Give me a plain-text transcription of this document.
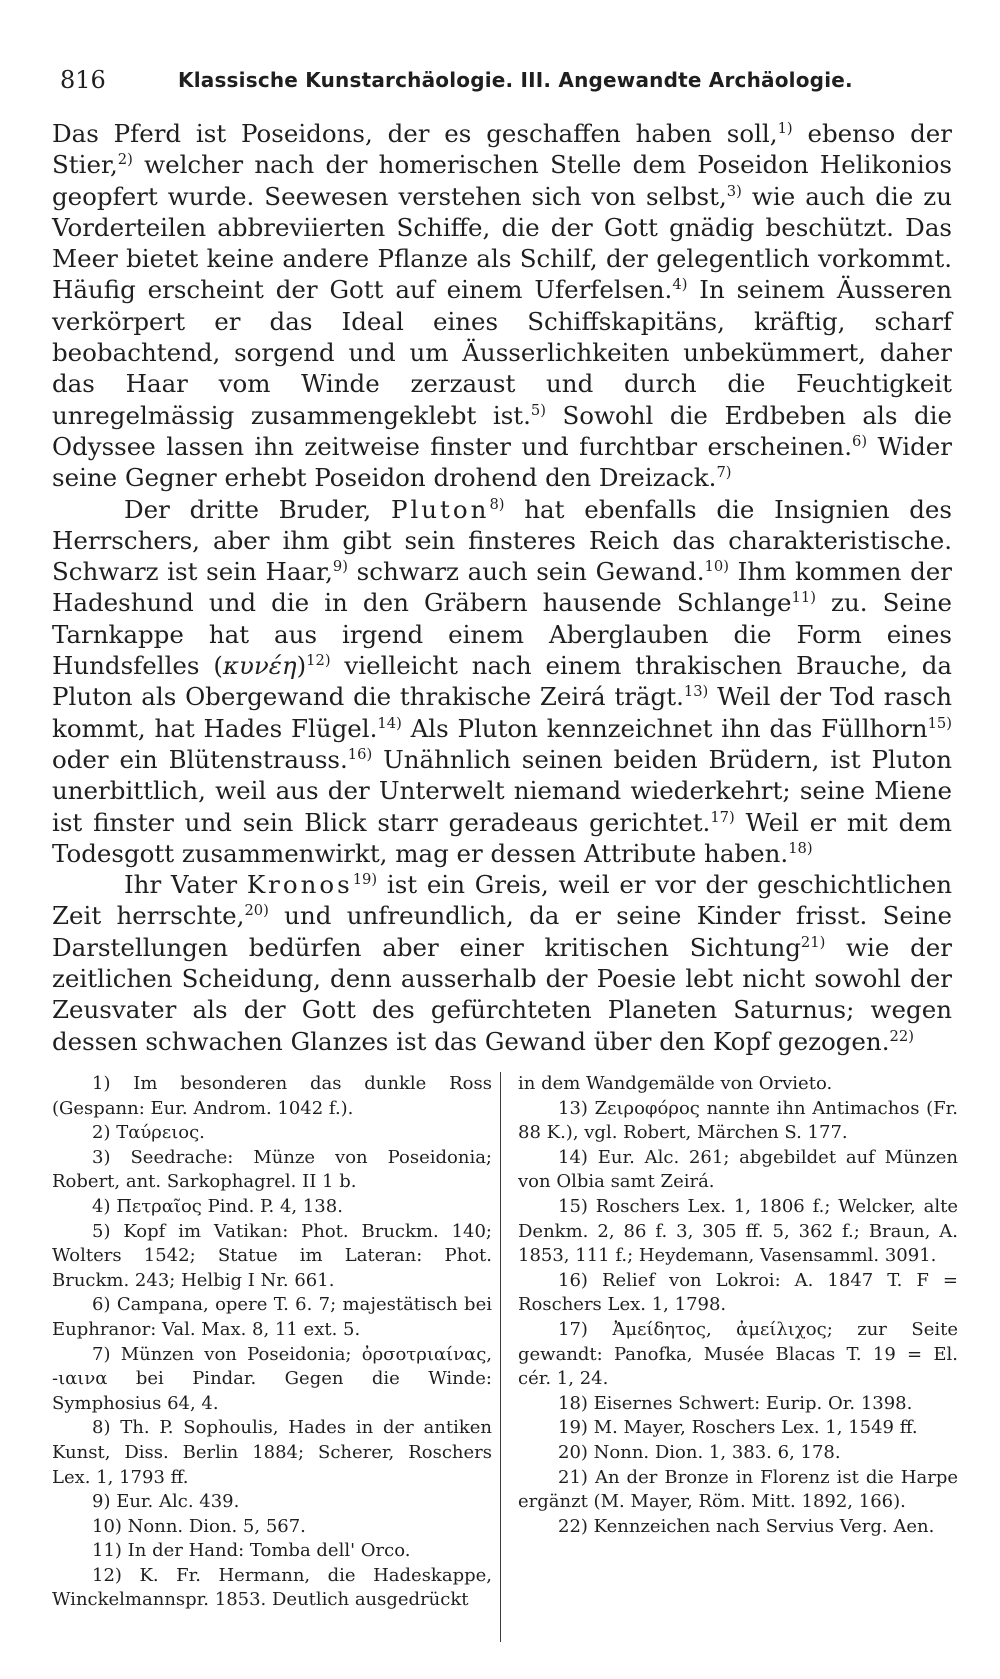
816	Klassische Kunstarchäologie. III. Angewandte Archäologie.

Das Pferd ist Poseidons, der es geschaffen haben soll,$^{1)}$ ebenso der Stier,$^{2)}$ welcher nach der homerischen Stelle dem Poseidon Helikonios geopfert wurde. Seewesen verstehen sich von selbst,$^{3)}$ wie auch die zu Vorderteilen abbreviierten Schiffe, die der Gott gnädig beschützt. Das Meer bietet keine andere Pflanze als Schilf, der gelegentlich vorkommt. Häufig erscheint der Gott auf einem Uferfelsen.$^{4)}$ In seinem Äusseren verkörpert er das Ideal eines Schiffskapitäns, kräftig, scharf beobachtend, sorgend und um Äusserlichkeiten unbekümmert, daher das Haar vom Winde zerzaust und durch die Feuchtigkeit unregelmässig zusammengeklebt ist.$^{5)}$ Sowohl die Erdbeben als die Odyssee lassen ihn zeitweise finster und furchtbar erscheinen.$^{6)}$ Wider seine Gegner erhebt Poseidon drohend den Dreizack.$^{7)}$

Der dritte Bruder, Pluton$^{8)}$ hat ebenfalls die Insignien des Herrschers, aber ihm gibt sein finsteres Reich das charakteristische. Schwarz ist sein Haar,$^{9)}$ schwarz auch sein Gewand.$^{10)}$ Ihm kommen der Hadeshund und die in den Gräbern hausende Schlange$^{11)}$ zu. Seine Tarnkappe hat aus irgend einem Aberglauben die Form eines Hundsfelles $(\kappa\upsilon\nu έ\eta)^{12)}$ vielleicht nach einem thrakischen Brauche, da Pluton als Obergewand die thrakische Zeirá trägt.$^{13)}$ Weil der Tod rasch kommt, hat Hades Flügel.$^{14)}$ Als Pluton kennzeichnet ihn das Füllhorn$^{15)}$ oder ein Blütenstrauss.$^{16)}$ Unähnlich seinen beiden Brüdern, ist Pluton unerbittlich, weil aus der Unterwelt niemand wiederkehrt; seine Miene ist finster und sein Blick starr geradeaus gerichtet.$^{17)}$ Weil er mit dem Todesgott zusammenwirkt, mag er dessen Attribute haben.$^{18)}$

Ihr Vater Kronos$^{19)}$ ist ein Greis, weil er vor der geschichtlichen Zeit herrschte,$^{20)}$ und unfreundlich, da er seine Kinder frisst. Seine Darstellungen bedürfen aber einer kritischen Sichtung$^{21)}$ wie der zeitlichen Scheidung, denn ausserhalb der Poesie lebt nicht sowohl der Zeusvater als der Gott des gefürchteten Planeten Saturnus; wegen dessen schwachen Glanzes ist das Gewand über den Kopf gezogen.$^{22)}$

1) Im besonderen das dunkle Ross (Gespann: Eur. Androm. 1042 f.).

2) Ταύρειος.

3) Seedrache: Münze von Poseidonia; Robert, ant. Sarkophagrel. II 1 b.

4) Πετραῖος Pind. P. 4, 138.

5) Kopf im Vatikan: Phot. Bruckm. 140; Wolters 1542; Statue im Lateran: Phot. Bruckm. 243; Helbig I Nr. 661.

6) Campana, opere T. 6. 7; majestätisch bei Euphranor: Val. Max. 8, 11 ext. 5.

7) Münzen von Poseidonia; ὀρσοτριαίνας, -ιαινα bei Pindar. Gegen die Winde: Symphosius 64, 4.

8) Th. P. Sophoulis, Hades in der antiken Kunst, Diss. Berlin 1884; Scherer, Roschers Lex. 1, 1793 ff.

9) Eur. Alc. 439.

10) Nonn. Dion. 5, 567.

11) In der Hand: Tomba dell' Orco.

12) K. Fr. Hermann, die Hadeskappe, Winckelmannspr. 1853. Deutlich ausgedrückt

in dem Wandgemälde von Orvieto.

13) Ζειροφόρος nannte ihn Antimachos (Fr. 88 K.), vgl. Robert, Märchen S. 177.

14) Eur. Alc. 261; abgebildet auf Münzen von Olbia samt Zeirá.

15) Roschers Lex. 1, 1806 f.; Welcker, alte Denkm. 2, 86 f. 3, 305 ff. 5, 362 f.; Braun, A. 1853, 111 f.; Heydemann, Vasensamml. 3091.

16) Relief von Lokroi: A. 1847 T. F = Roschers Lex. 1, 1798.

17) Ἀμείδητος, ἀμείλιχος; zur Seite gewandt: Panofka, Musée Blacas T. 19 = El. cér. 1, 24.

18) Eisernes Schwert: Eurip. Or. 1398.

19) M. Mayer, Roschers Lex. 1, 1549 ff.

20) Nonn. Dion. 1, 383. 6, 178.

21) An der Bronze in Florenz ist die Harpe ergänzt (M. Mayer, Röm. Mitt. 1892, 166).

22) Kennzeichen nach Servius Verg. Aen.
